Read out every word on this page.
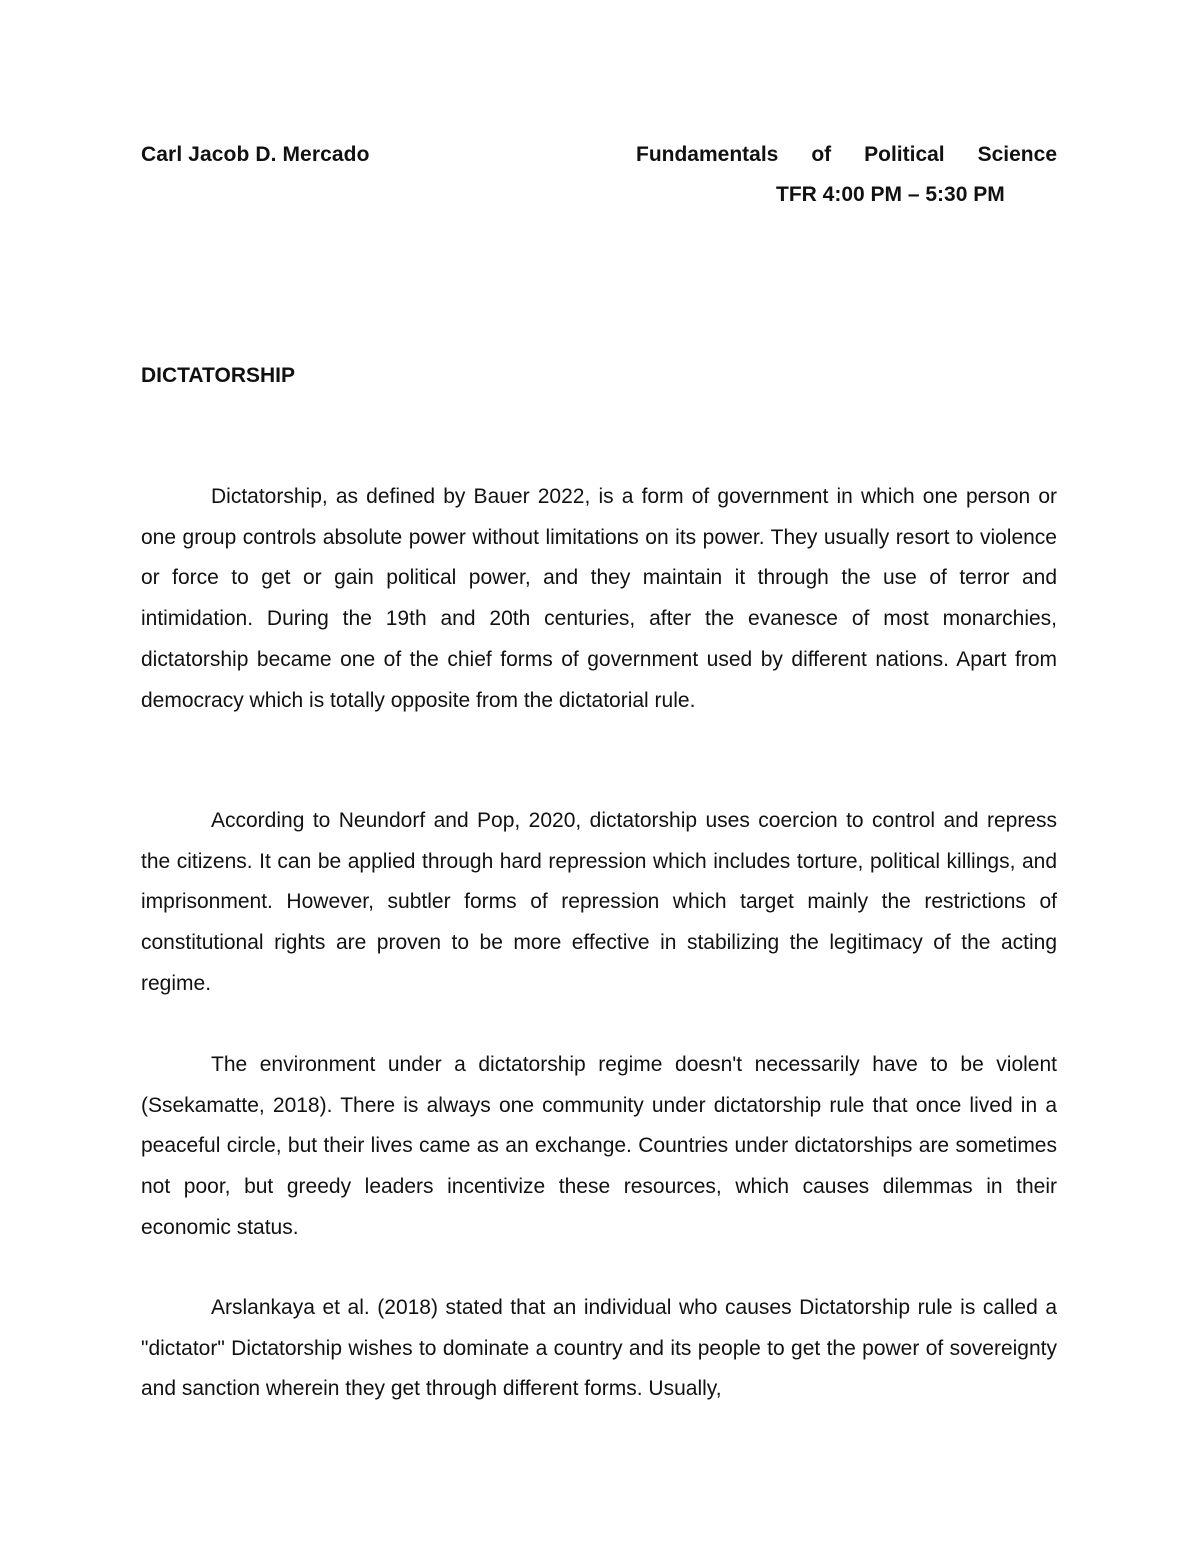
Carl Jacob D. Mercado	Fundamentals of Political Science
TFR 4:00 PM – 5:30 PM
DICTATORSHIP

Dictatorship, as defined by Bauer 2022, is a form of government in which one person or one group controls absolute power without limitations on its power. They usually resort to violence or force to get or gain political power, and they maintain it through the use of terror and intimidation. During the 19th and 20th centuries, after the evanesce of most monarchies, dictatorship became one of the chief forms of government used by different nations. Apart from democracy which is totally opposite from the dictatorial rule.

According to Neundorf and Pop, 2020, dictatorship uses coercion to control and repress the citizens. It can be applied through hard repression which includes torture, political killings, and imprisonment. However, subtler forms of repression which target mainly the restrictions of constitutional rights are proven to be more effective in stabilizing the legitimacy of the acting regime.

The environment under a dictatorship regime doesn't necessarily have to be violent (Ssekamatte, 2018). There is always one community under dictatorship rule that once lived in a peaceful circle, but their lives came as an exchange. Countries under dictatorships are sometimes not poor, but greedy leaders incentivize these resources, which causes dilemmas in their economic status.

Arslankaya et al. (2018) stated that an individual who causes Dictatorship rule is called a "dictator" Dictatorship wishes to dominate a country and its people to get the power of sovereignty and sanction wherein they get through different forms. Usually,
